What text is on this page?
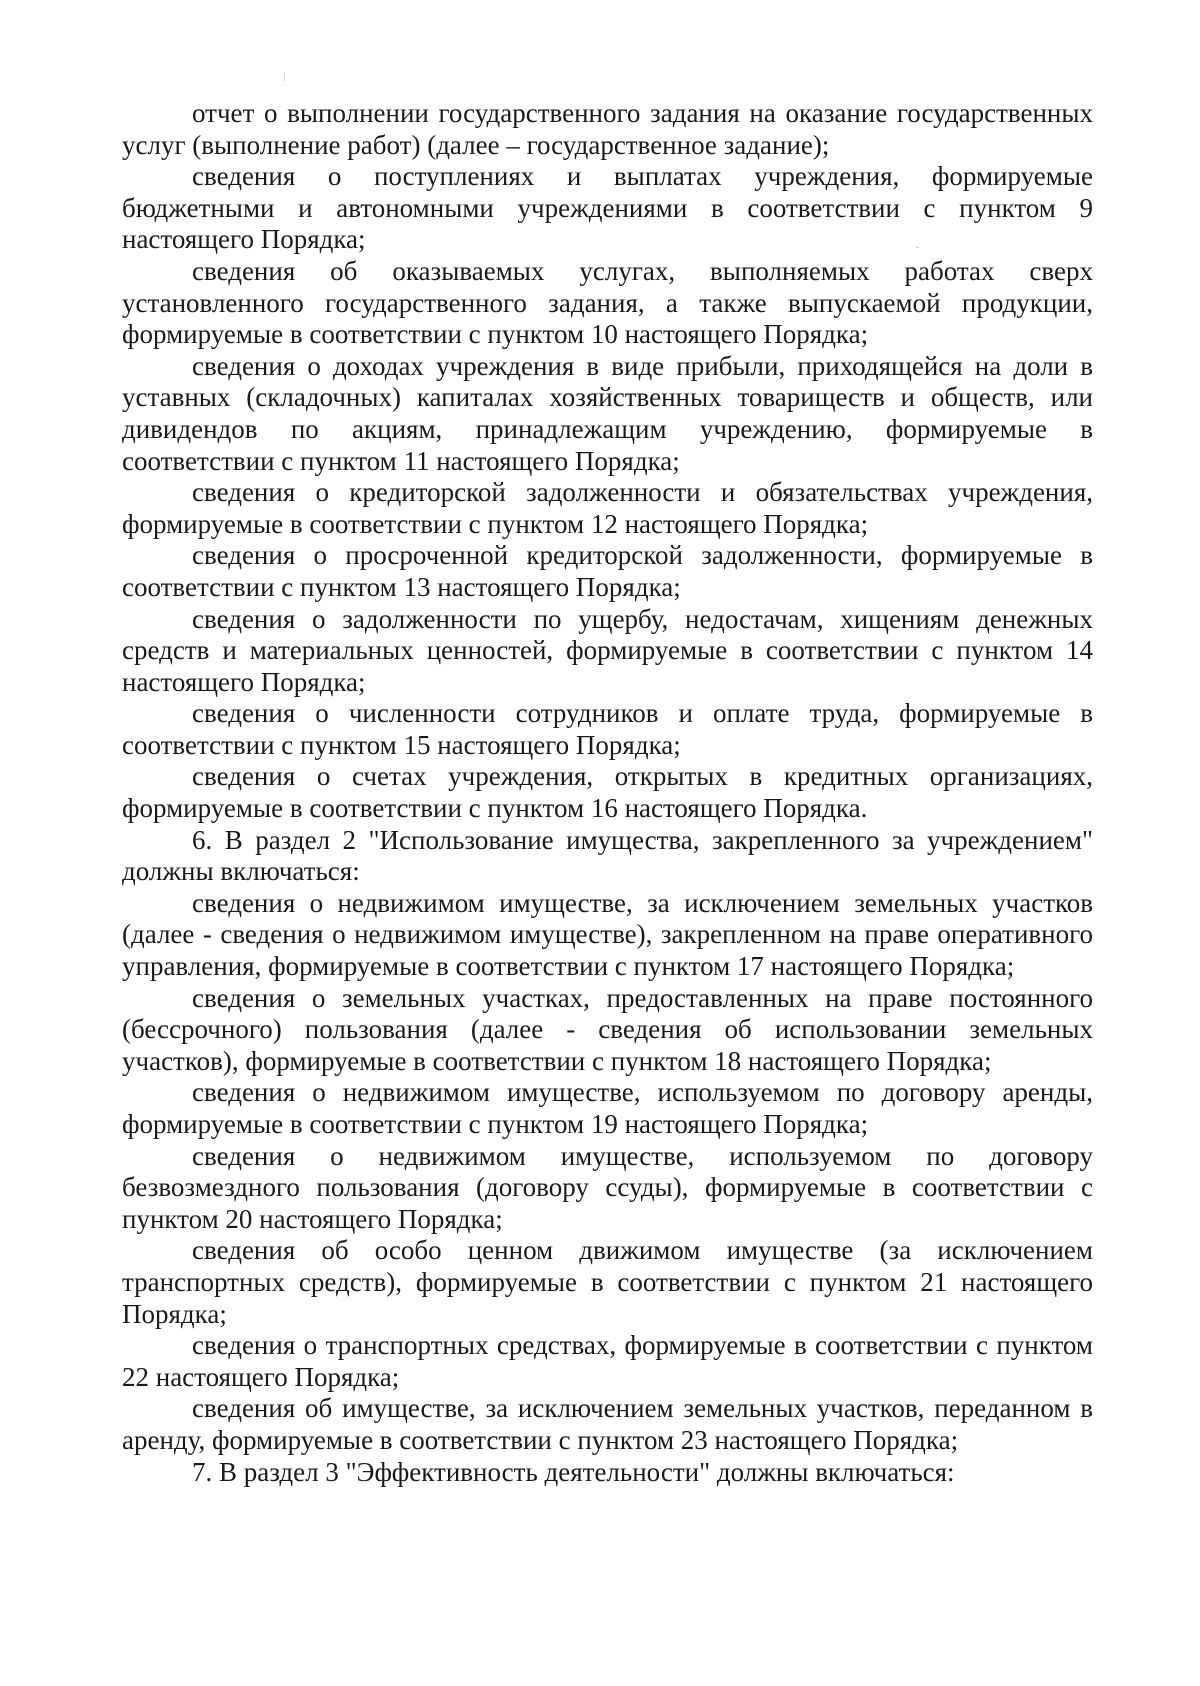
отчет о выполнении государственного задания на оказание государственных услуг (выполнение работ) (далее – государственное задание);

сведения о поступлениях и выплатах учреждения, формируемые бюджетными и автономными учреждениями в соответствии с пунктом 9 настоящего Порядка;

сведения об оказываемых услугах, выполняемых работах сверх установленного государственного задания, а также выпускаемой продукции, формируемые в соответствии с пунктом 10 настоящего Порядка;

сведения о доходах учреждения в виде прибыли, приходящейся на доли в уставных (складочных) капиталах хозяйственных товариществ и обществ, или дивидендов по акциям, принадлежащим учреждению, формируемые в соответствии с пунктом 11 настоящего Порядка;

сведения о кредиторской задолженности и обязательствах учреждения, формируемые в соответствии с пунктом 12 настоящего Порядка;

сведения о просроченной кредиторской задолженности, формируемые в соответствии с пунктом 13 настоящего Порядка;

сведения о задолженности по ущербу, недостачам, хищениям денежных средств и материальных ценностей, формируемые в соответствии с пунктом 14 настоящего Порядка;

сведения о численности сотрудников и оплате труда, формируемые в соответствии с пунктом 15 настоящего Порядка;

сведения о счетах учреждения, открытых в кредитных организациях, формируемые в соответствии с пунктом 16 настоящего Порядка.

6. В раздел 2 "Использование имущества, закрепленного за учреждением" должны включаться:

сведения о недвижимом имуществе, за исключением земельных участков (далее - сведения о недвижимом имуществе), закрепленном на праве оперативного управления, формируемые в соответствии с пунктом 17 настоящего Порядка;

сведения о земельных участках, предоставленных на праве постоянного (бессрочного) пользования (далее - сведения об использовании земельных участков), формируемые в соответствии с пунктом 18 настоящего Порядка;

сведения о недвижимом имуществе, используемом по договору аренды, формируемые в соответствии с пунктом 19 настоящего Порядка;

сведения о недвижимом имуществе, используемом по договору безвозмездного пользования (договору ссуды), формируемые в соответствии с пунктом 20 настоящего Порядка;

сведения об особо ценном движимом имуществе (за исключением транспортных средств), формируемые в соответствии с пунктом 21 настоящего Порядка;

сведения о транспортных средствах, формируемые в соответствии с пунктом 22 настоящего Порядка;

сведения об имуществе, за исключением земельных участков, переданном в аренду, формируемые в соответствии с пунктом 23 настоящего Порядка;

7. В раздел 3 "Эффективность деятельности" должны включаться:
